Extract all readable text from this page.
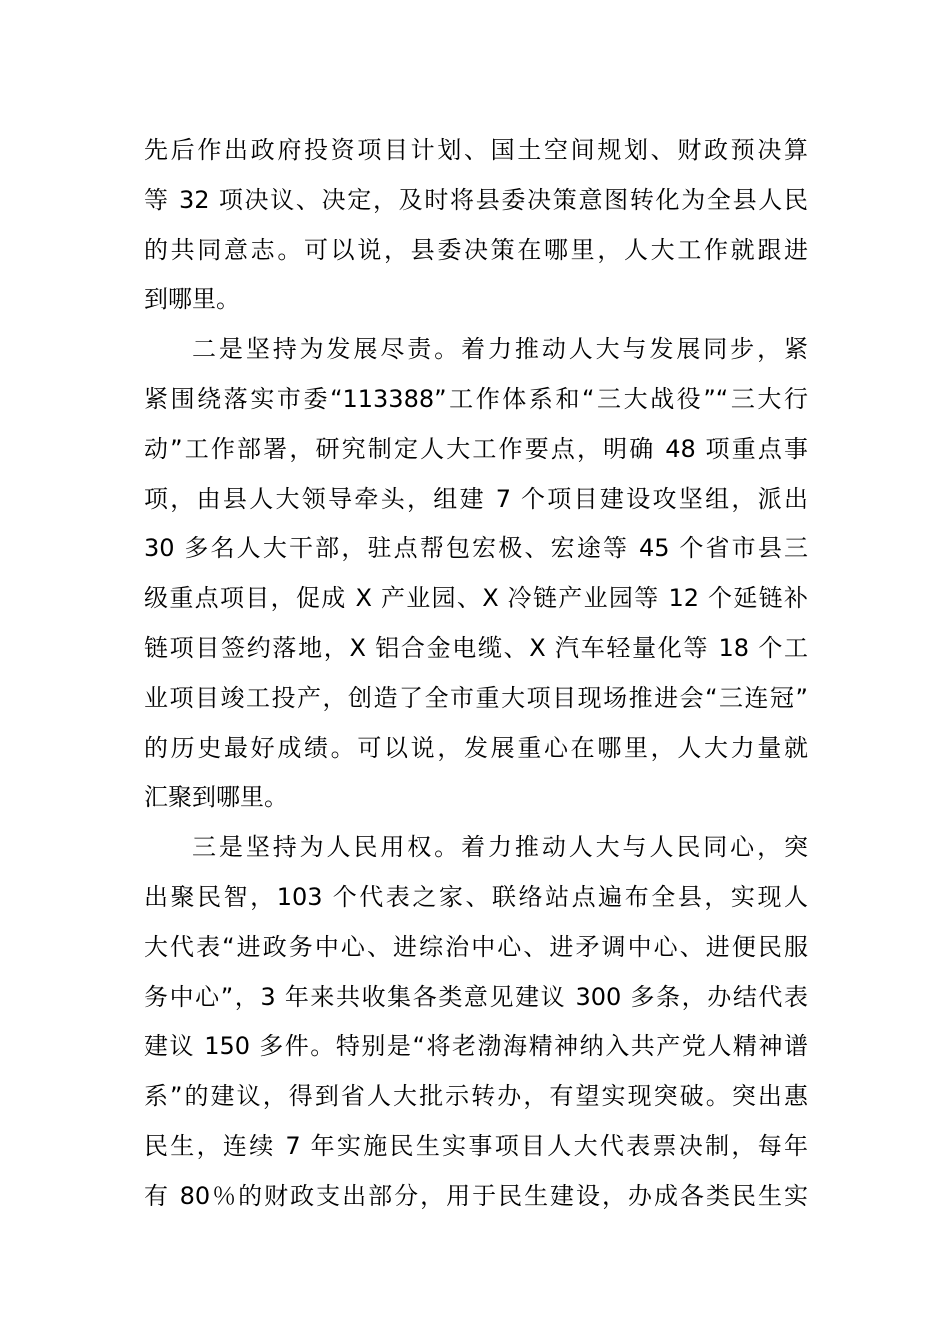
先后作出政府投资项目计划、国土空间规划、财政预决算
等 32 项决议、决定，及时将县委决策意图转化为全县人民
的共同意志。可以说，县委决策在哪里，人大工作就跟进
到哪里。
二是坚持为发展尽责。着力推动人大与发展同步，紧
紧围绕落实市委“113388”工作体系和“三大战役”“三大行
动”工作部署，研究制定人大工作要点，明确 48 项重点事
项，由县人大领导牵头，组建 7 个项目建设攻坚组，派出
30 多名人大干部，驻点帮包宏极、宏途等 45 个省市县三
级重点项目，促成 X 产业园、X 冷链产业园等 12 个延链补
链项目签约落地，X 铝合金电缆、X 汽车轻量化等 18 个工
业项目竣工投产，创造了全市重大项目现场推进会“三连冠”
的历史最好成绩。可以说，发展重心在哪里，人大力量就
汇聚到哪里。
三是坚持为人民用权。着力推动人大与人民同心，突
出聚民智，103 个代表之家、联络站点遍布全县，实现人
大代表“进政务中心、进综治中心、进矛调中心、进便民服
务中心”，3 年来共收集各类意见建议 300 多条，办结代表
建议 150 多件。特别是“将老渤海精神纳入共产党人精神谱
系”的建议，得到省人大批示转办，有望实现突破。突出惠
民生，连续 7 年实施民生实事项目人大代表票决制，每年
有 80％的财政支出部分，用于民生建设，办成各类民生实
